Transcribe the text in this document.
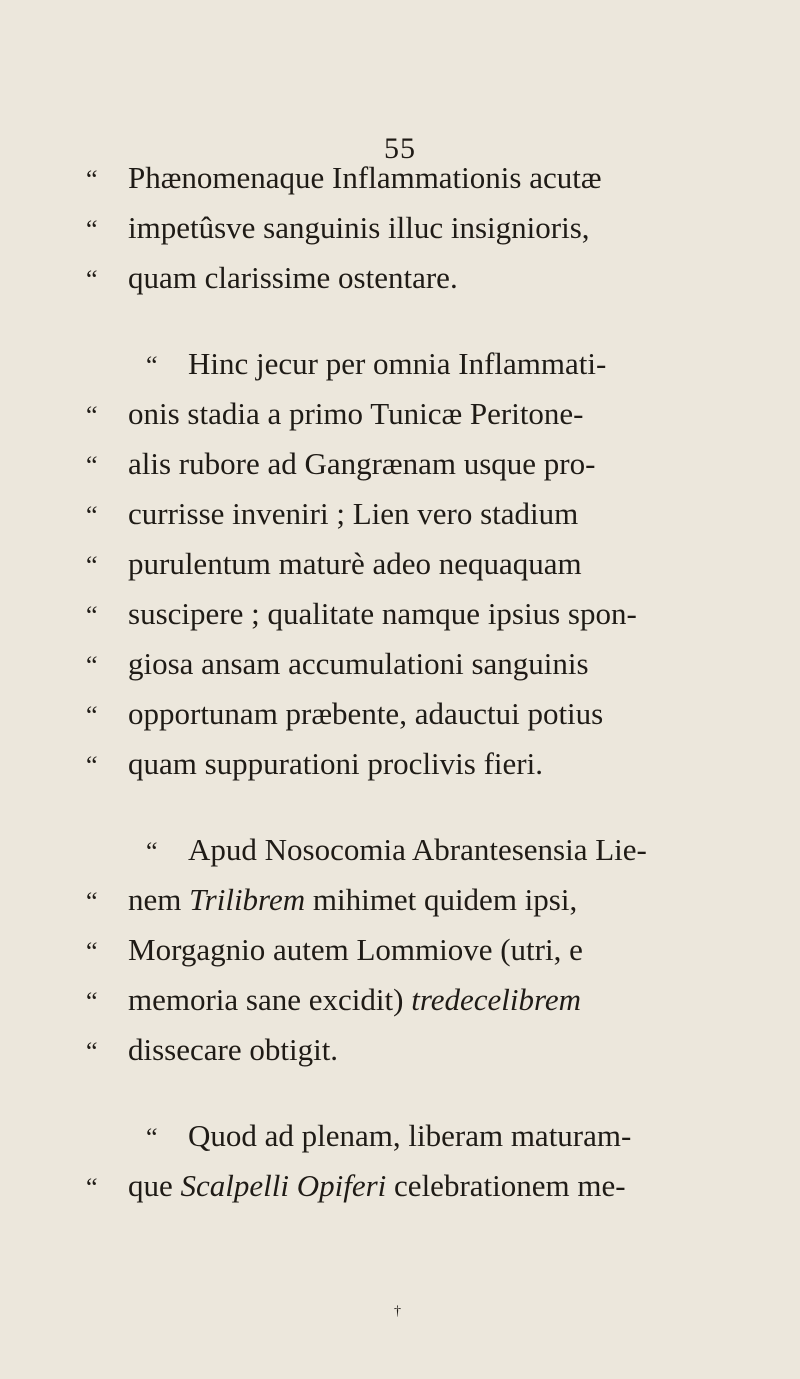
55
“ Phænomenaque Inflammationis acutæ
“ impetûsve sanguinis illuc insignioris,
“ quam clarissime ostentare.
“ Hinc jecur per omnia Inflammati-
“ onis stadia a primo Tunicæ Peritone-
“ alis rubore ad Gangrænam usque pro-
“ currisse inveniri ; Lien vero stadium
“ purulentum maturè adeo nequaquam
“ suscipere ; qualitate namque ipsius spon-
“ giosa ansam accumulationi sanguinis
“ opportunam præbente, adauctui potius
“ quam suppurationi proclivis fieri.
“ Apud Nosocomia Abrantesensia Lie-
“ nem Trilibrem mihimet quidem ipsi,
“ Morgagnio autem Lommiove (utri, e
“ memoria sane excidit) tredecelibrem
“ dissecare obtigit.
“ Quod ad plenam, liberam maturam-
“ que Scalpelli Opiferi celebrationem me-
†
